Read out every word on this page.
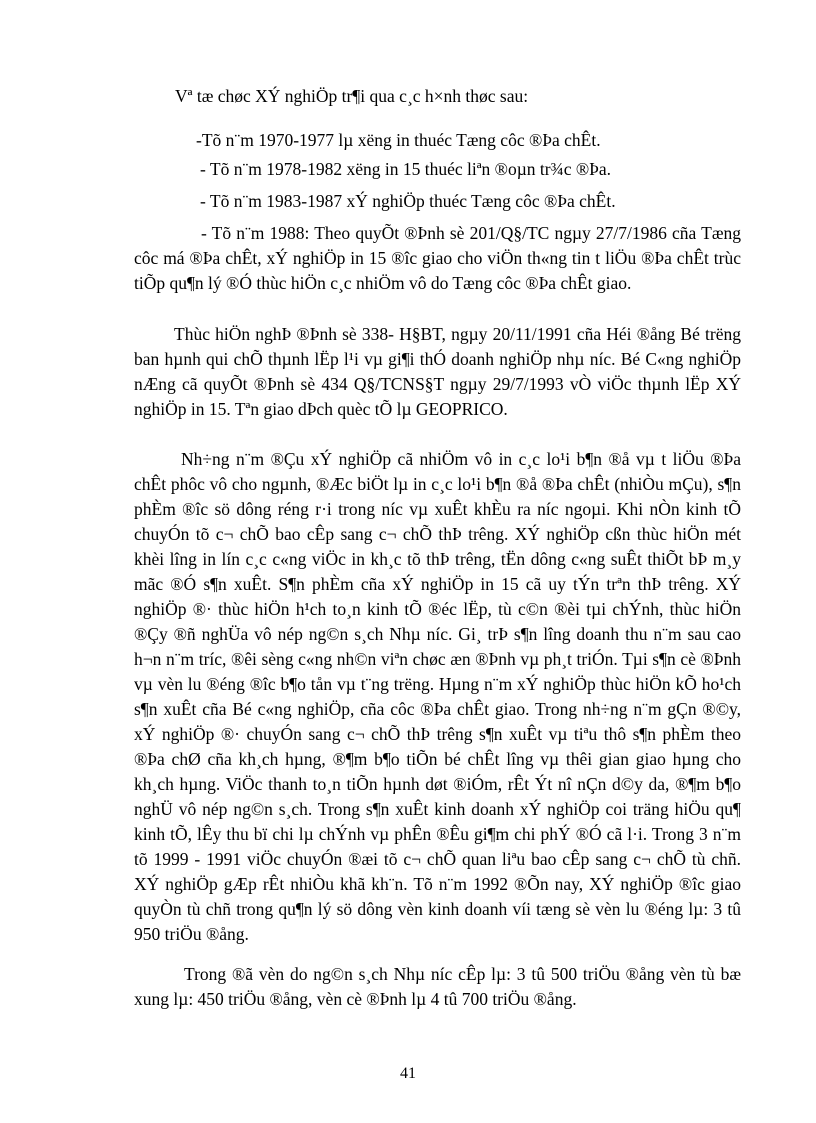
Vª tæ chøc XÝ nghiÖp tr¶i qua c¸c h×nh thøc sau:

-Tõ n¨m 1970-1977 lµ xëng in thuéc Tæng côc ®Þa chÊt.

- Tõ n¨m 1978-1982 xëng in 15 thuéc liªn ®oµn tr¾c ®Þa.

- Tõ n¨m 1983-1987 xÝ nghiÖp thuéc Tæng côc ®Þa chÊt.

- Tõ n¨m 1988: Theo quyÕt ®Þnh sè 201/Q§/TC ngµy 27/7/1986 cña Tæng côc má ®Þa chÊt, xÝ nghiÖp in 15 ®îc giao cho viÖn th«ng tin t liÖu ®Þa chÊt trùc tiÕp qu¶n lý ®Ó thùc hiÖn c¸c nhiÖm vô do Tæng côc ®Þa chÊt giao.

Thùc hiÖn nghÞ ®Þnh sè 338- H§BT, ngµy 20/11/1991 cña Héi ®ång Bé trëng ban hµnh qui chÕ thµnh lËp l¹i vµ gi¶i thÓ doanh nghiÖp nhµ níc. Bé C«ng nghiÖp nÆng cã quyÕt ®Þnh sè 434 Q§/TCNS§T ngµy 29/7/1993 vÒ viÖc thµnh lËp XÝ nghiÖp in 15. Tªn giao dÞch quèc tÕ lµ GEOPRICO.

Nh÷ng n¨m ®Çu xÝ nghiÖp cã nhiÖm vô in c¸c lo¹i b¶n ®å vµ t liÖu ®Þa chÊt phôc vô cho ngµnh, ®Æc biÖt lµ in c¸c lo¹i b¶n ®å ®Þa chÊt (nhiÒu mÇu), s¶n phÈm ®îc sö dông réng r·i trong níc vµ xuÊt khÈu ra níc ngoµi. Khi nÒn kinh tÕ chuyÓn tõ c¬ chÕ bao cÊp sang c¬ chÕ thÞ trêng. XÝ nghiÖp cßn thùc hiÖn mét khèi lîng in lín c¸c c«ng viÖc in kh¸c tõ thÞ trêng, tËn dông c«ng suÊt thiÕt bÞ m¸y mãc ®Ó s¶n xuÊt. S¶n phÈm cña xÝ nghiÖp in 15 cã uy tÝn trªn thÞ trêng. XÝ nghiÖp ®· thùc hiÖn h¹ch to¸n kinh tÕ ®éc lËp, tù c©n ®èi tµi chÝnh, thùc hiÖn ®Çy ®ñ nghÜa vô nép ng©n s¸ch Nhµ níc. Gi¸ trÞ s¶n lîng doanh thu n¨m sau cao h¬n n¨m tríc, ®êi sèng c«ng nh©n viªn chøc æn ®Þnh vµ ph¸t triÓn. Tµi s¶n cè ®Þnh vµ vèn lu ®éng ®îc b¶o tån vµ t¨ng trëng. Hµng n¨m xÝ nghiÖp thùc hiÖn kÕ ho¹ch s¶n xuÊt cña Bé c«ng nghiÖp, cña côc ®Þa chÊt giao. Trong nh÷ng n¨m gÇn ®©y, xÝ nghiÖp ®· chuyÓn sang c¬ chÕ thÞ trêng s¶n xuÊt vµ tiªu thô s¶n phÈm theo ®Þa chØ cña kh¸ch hµng, ®¶m b¶o tiÕn bé chÊt lîng vµ thêi gian giao hµng cho kh¸ch hµng. ViÖc thanh to¸n tiÕn hµnh døt ®iÓm, rÊt Ýt nî nÇn d©y da, ®¶m b¶o nghÜ vô nép ng©n s¸ch. Trong s¶n xuÊt kinh doanh xÝ nghiÖp coi träng hiÖu qu¶ kinh tÕ, lÊy thu bï chi lµ chÝnh vµ phÊn ®Êu gi¶m chi phÝ ®Ó cã l·i. Trong 3 n¨m tõ 1999 - 1991 viÖc chuyÓn ®æi tõ c¬ chÕ quan liªu bao cÊp sang c¬ chÕ tù chñ. XÝ nghiÖp gÆp rÊt nhiÒu khã kh¨n. Tõ n¨m 1992 ®Õn nay, XÝ nghiÖp ®îc giao quyÒn tù chñ trong qu¶n lý sö dông vèn kinh doanh víi tæng sè vèn lu ®éng lµ: 3 tû 950 triÖu ®ång.

Trong ®ã vèn do ng©n s¸ch Nhµ níc cÊp lµ: 3 tû 500 triÖu ®ång vèn tù bæ xung lµ: 450 triÖu ®ång, vèn cè ®Þnh lµ 4 tû 700 triÖu ®ång.

41
